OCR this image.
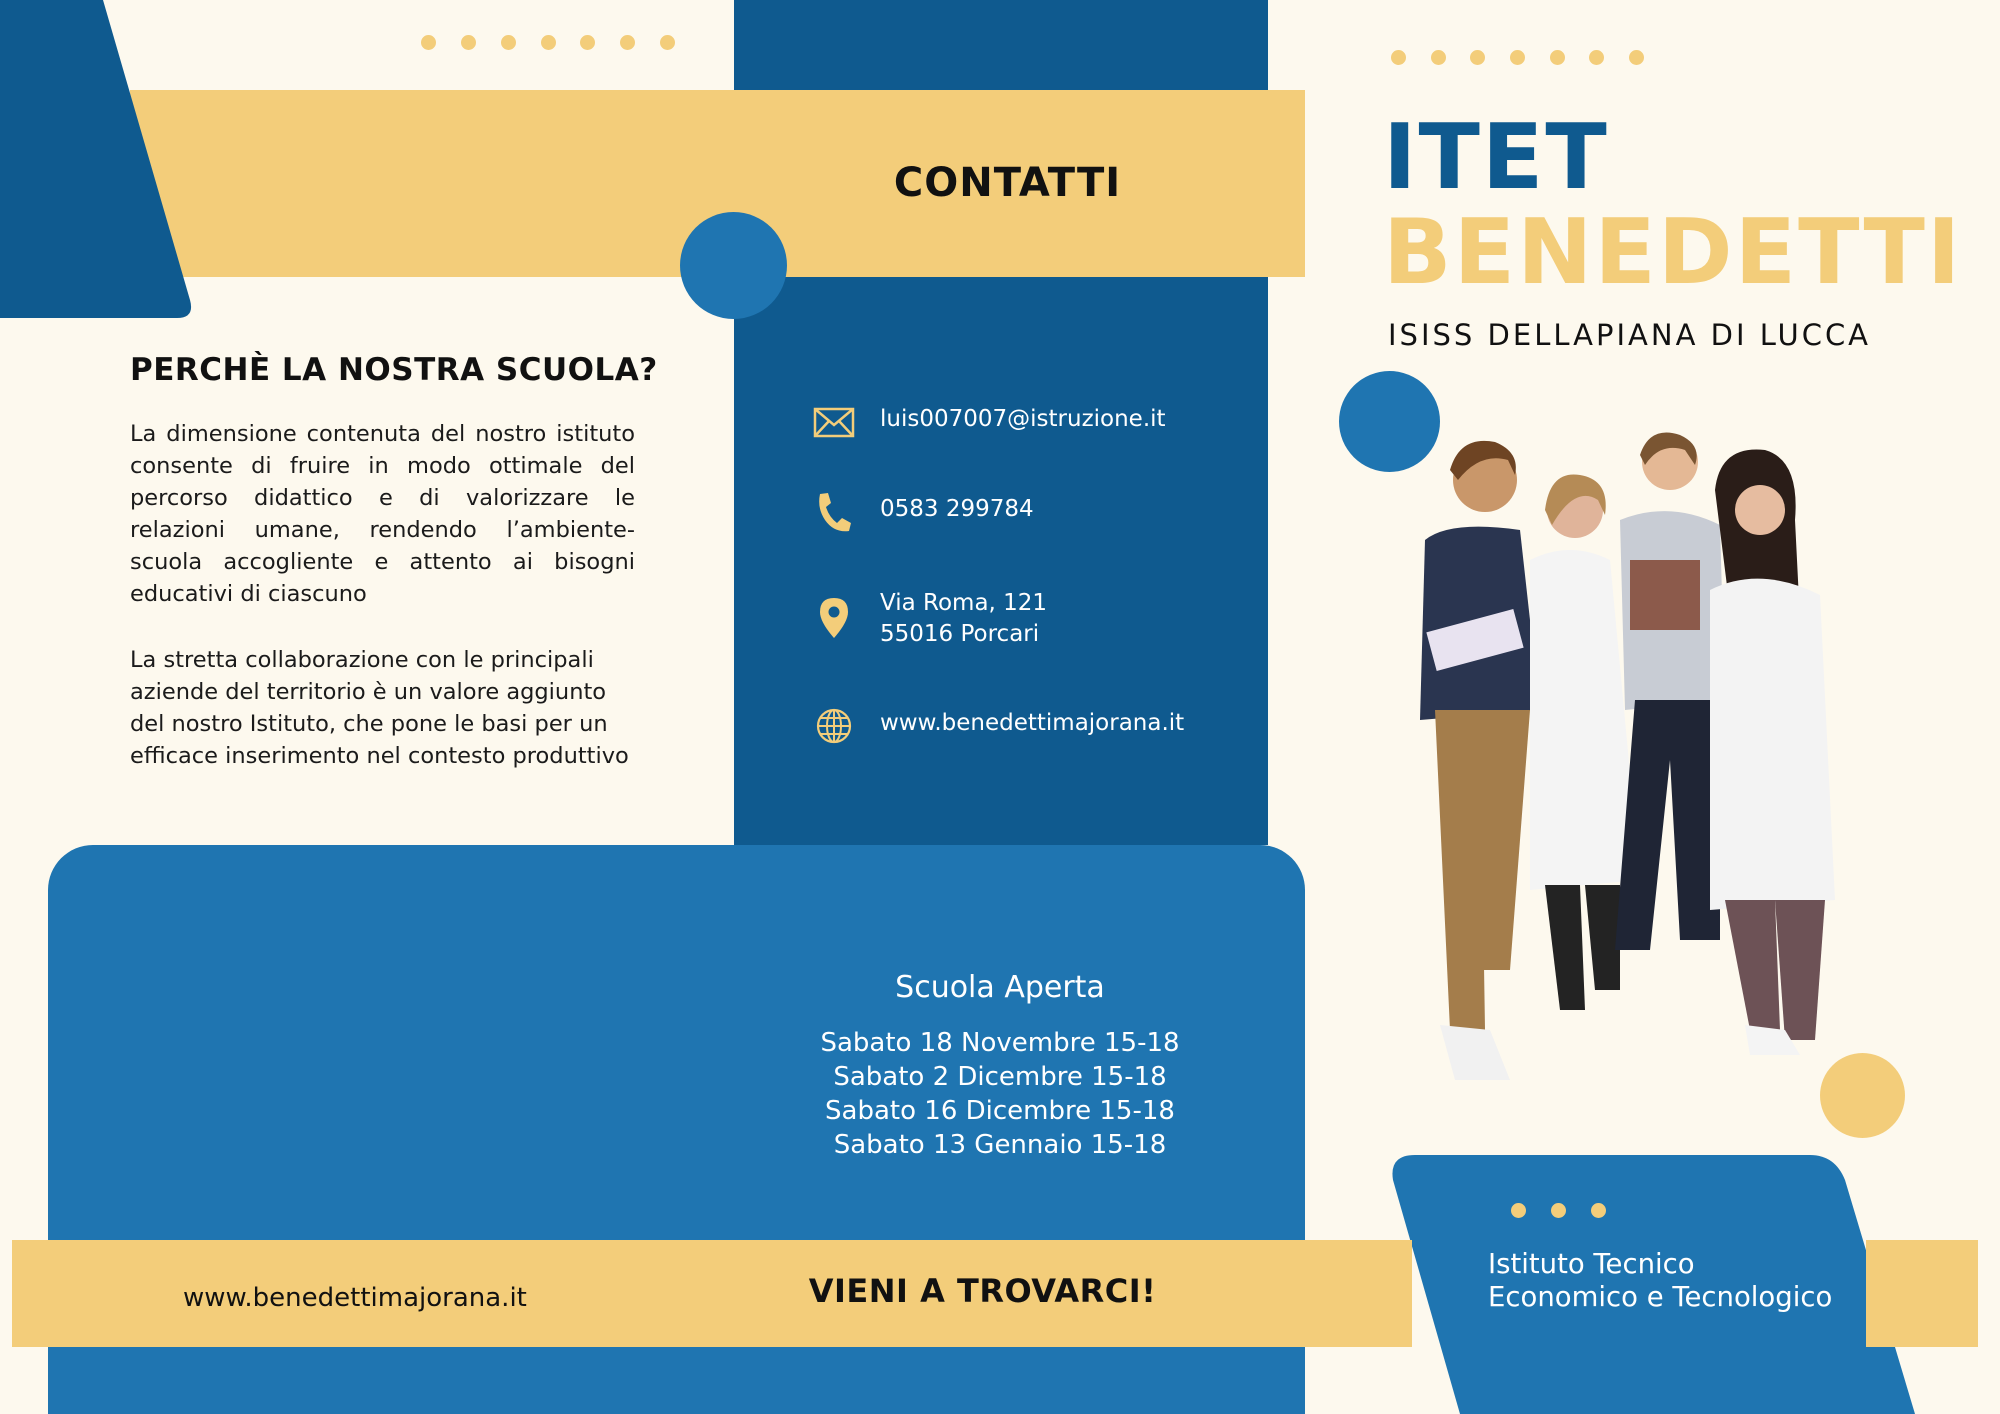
PERCHÈ LA NOSTRA SCUOLA?
La dimensione contenuta del nostro istituto consente di fruire in modo ottimale del percorso didattico e di valorizzare le relazioni umane, rendendo l’ambiente-scuola accogliente e attento ai bisogni educativi di ciascuno
La stretta collaborazione con le principali aziende del territorio è un valore aggiunto del nostro Istituto, che pone le basi per un efficace inserimento nel contesto produttivo
CONTATTI
luis007007@istruzione.it
0583 299784
Via Roma, 121
55016 Porcari
www.benedettimajorana.it
Scuola Aperta
Sabato 18 Novembre 15-18
Sabato 2 Dicembre 15-18
Sabato 16 Dicembre 15-18
Sabato 13 Gennaio 15-18
www.benedettimajorana.it	VIENI A TROVARCI!
ITET
BENEDETTI
ISISS DELLAPIANA DI LUCCA
Istituto Tecnico
Economico e Tecnologico
